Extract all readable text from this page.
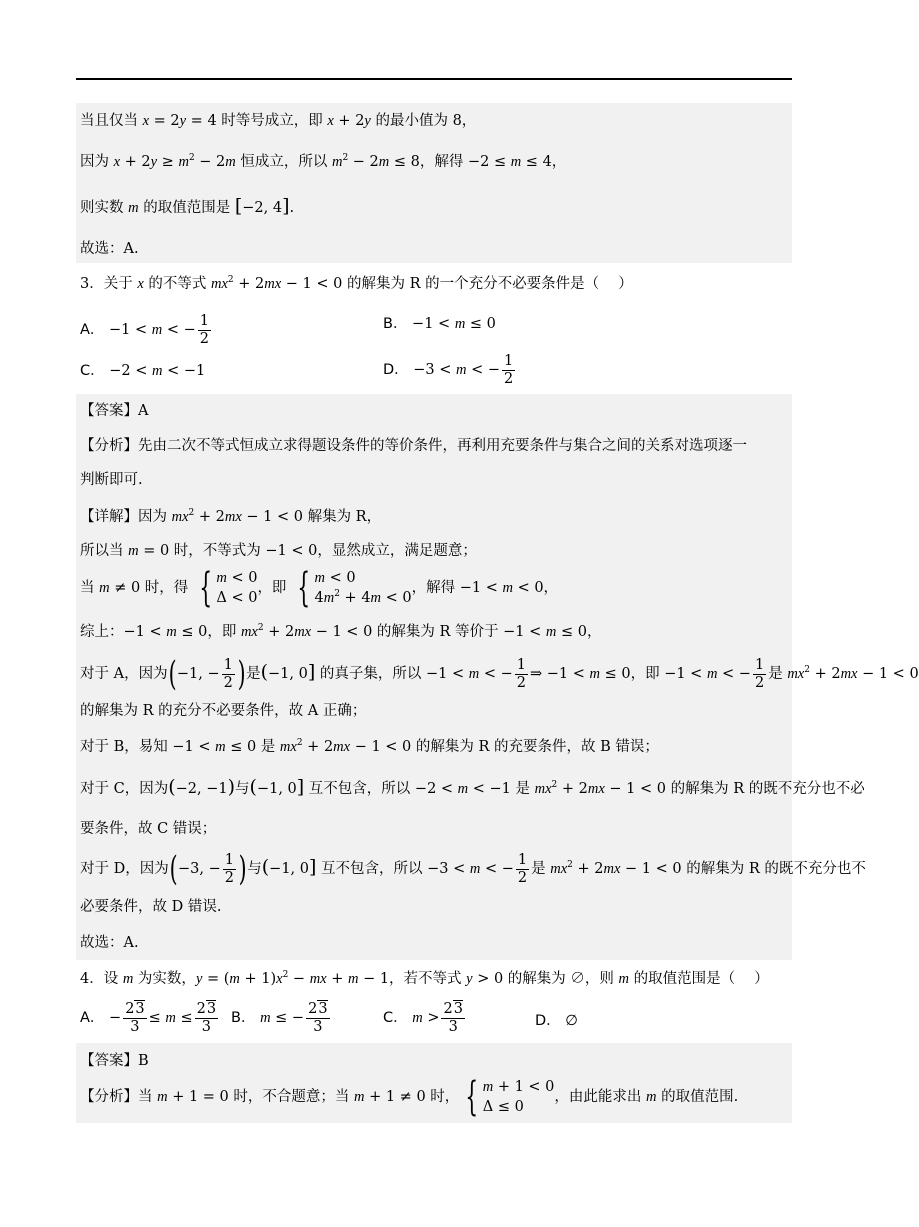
当且仅当 x = 2y = 4 时等号成立，即 x + 2y 的最小值为 8，
因为 $x + 2y \ge m^2 - 2m$ 恒成立，所以 $m^2 - 2m \le 8$，解得 −2 ≤ m ≤ 4，
则实数 m 的取值范围是 [−2, 4].
故选：A.
3．关于 x 的不等式 $mx^2 + 2mx - 1 < 0$ 的解集为 R 的一个充分不必要条件是（　 ）
A． −1 < m < − $\frac{1}{2}$	B． −1 < m ≤ 0
C． −2 < m < −1	D． −3 < m < − $\frac{1}{2}$
【答案】A
【分析】先由二次不等式恒成立求得题设条件的等价条件，再利用充要条件与集合之间的关系对选项逐一
判断即可.
【详解】因为 $mx^2 + 2mx - 1 < 0$ 解集为 R，
所以当 m = 0 时，不等式为 −1 < 0，显然成立，满足题意；
当 m ≠ 0 时，得 { m < 0
Δ < 0
，即 { m < 0
$4m^2 + 4m < 0$
，解得 −1 < m < 0，
综上：−1 < m ≤ 0，即 $mx^2 + 2mx - 1 < 0$ 的解集为 R 等价于 −1 < m ≤ 0，
对于 A，因为(−1, − $\frac{1}{2}$ )是(−1, 0] 的真子集，所以 −1 < m < − $\frac{1}{2}$ ⇒ −1 < m ≤ 0，即 −1 < m < − $\frac{1}{2}$ 是 $mx^2 + 2mx - 1 < 0$
的解集为 R 的充分不必要条件，故 A 正确；
对于 B，易知 −1 < m ≤ 0 是 $mx^2 + 2mx - 1 < 0$ 的解集为 R 的充要条件，故 B 错误；
对于 C，因为(−2, −1)与(−1, 0] 互不包含，所以 −2 < m < −1 是 $mx^2 + 2mx - 1 < 0$ 的解集为 R 的既不充分也不必
要条件，故 C 错误；
对于 D，因为(−3, − $\frac{1}{2}$ )与(−1, 0] 互不包含，所以 −3 < m < − $\frac{1}{2}$ 是 $mx^2 + 2mx - 1 < 0$ 的解集为 R 的既不充分也不
必要条件，故 D 错误.
故选：A.
4．设 m 为实数，$y = (m + 1)x^2$ − mx + m − 1，若不等式 y > 0 的解集为 ∅，则 m 的取值范围是（　 ）
A． − $\frac{23}{3} \le m \le \frac{23}{3}$ B． m ≤ − $\frac{23}{3}$	C． $m > \frac{23}{3}$	D． ∅
【答案】B
【分析】当 m + 1 = 0 时，不合题意；当 m + 1 ≠ 0 时， { m + 1 < 0
Δ ≤ 0
，由此能求出 m 的取值范围.
